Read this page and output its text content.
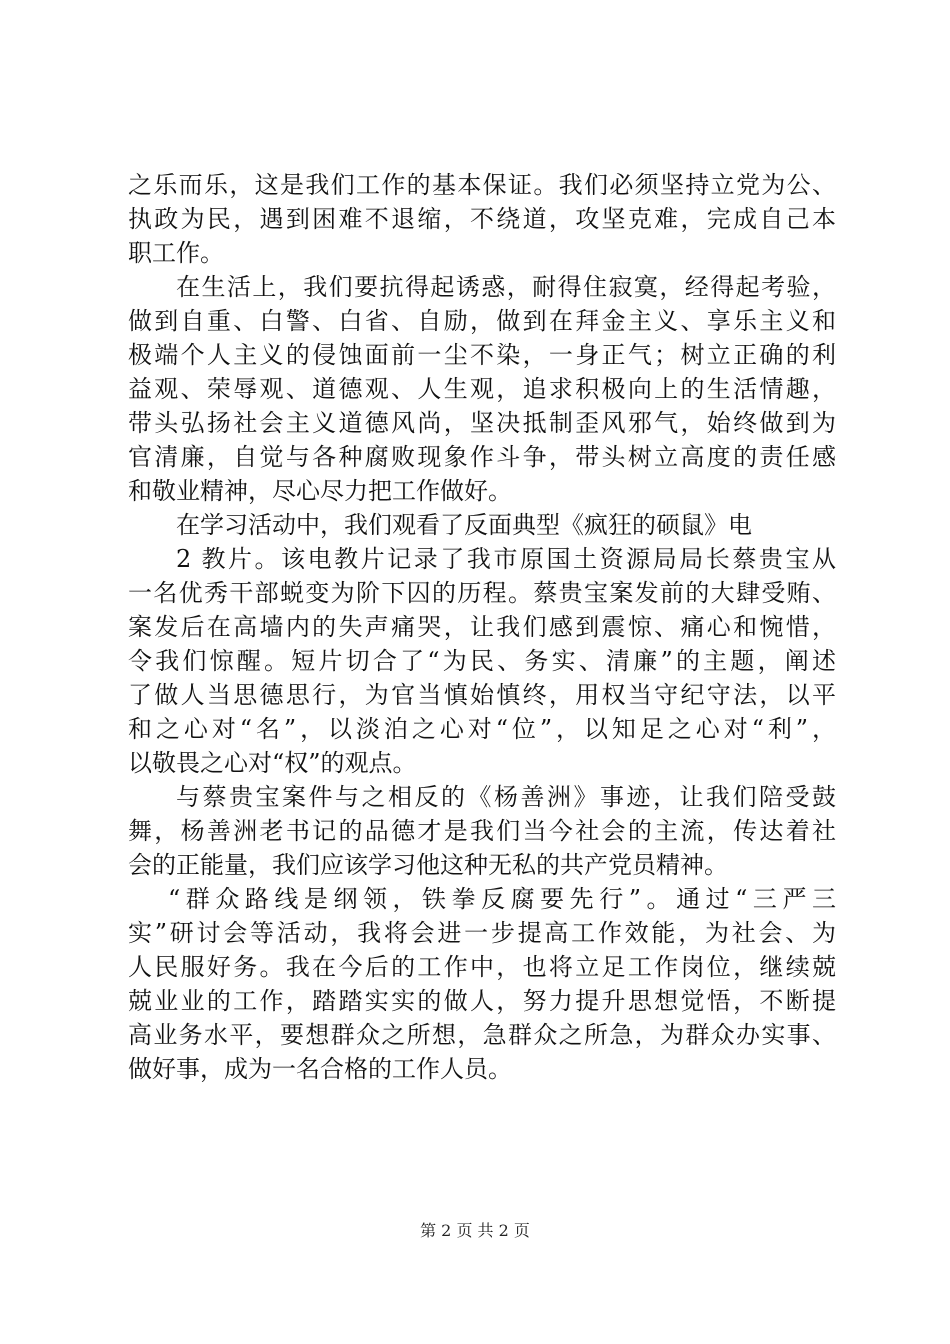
之乐而乐，这是我们工作的基本保证。我们必须坚持立党为公、
执政为民，遇到困难不退缩，不绕道，攻坚克难，完成自己本
职工作。
在生活上，我们要抗得起诱惑，耐得住寂寞，经得起考验，
做到自重、白警、白省、自励，做到在拜金主义、享乐主义和
极端个人主义的侵蚀面前一尘不染，一身正气；树立正确的利
益观、荣辱观、道德观、人生观，追求积极向上的生活情趣，
带头弘扬社会主义道德风尚，坚决抵制歪风邪气，始终做到为
官清廉，自觉与各种腐败现象作斗争，带头树立高度的责任感
和敬业精神，尽心尽力把工作做好。
在学习活动中，我们观看了反面典型《疯狂的硕鼠》电
2 教片。该电教片记录了我市原国土资源局局长蔡贵宝从
一名优秀干部蜕变为阶下囚的历程。蔡贵宝案发前的大肆受贿、
案发后在高墙内的失声痛哭，让我们感到震惊、痛心和惋惜，
令我们惊醒。短片切合了“为民、务实、清廉”的主题，阐述
了做人当思德思行，为官当慎始慎终，用权当守纪守法，以平
和之心对“名”，以淡泊之心对“位”，以知足之心对“利”，
以敬畏之心对“权”的观点。
与蔡贵宝案件与之相反的《杨善洲》事迹，让我们陪受鼓
舞，杨善洲老书记的品德才是我们当今社会的主流，传达着社
会的正能量，我们应该学习他这种无私的共产党员精神。
“群众路线是纲领，铁拳反腐要先行”。通过“三严三
实”研讨会等活动，我将会进一步提高工作效能，为社会、为
人民服好务。我在今后的工作中，也将立足工作岗位，继续兢
兢业业的工作，踏踏实实的做人，努力提升思想觉悟，不断提
高业务水平，要想群众之所想，急群众之所急，为群众办实事、
做好事，成为一名合格的工作人员。
第 2 页 共 2 页
